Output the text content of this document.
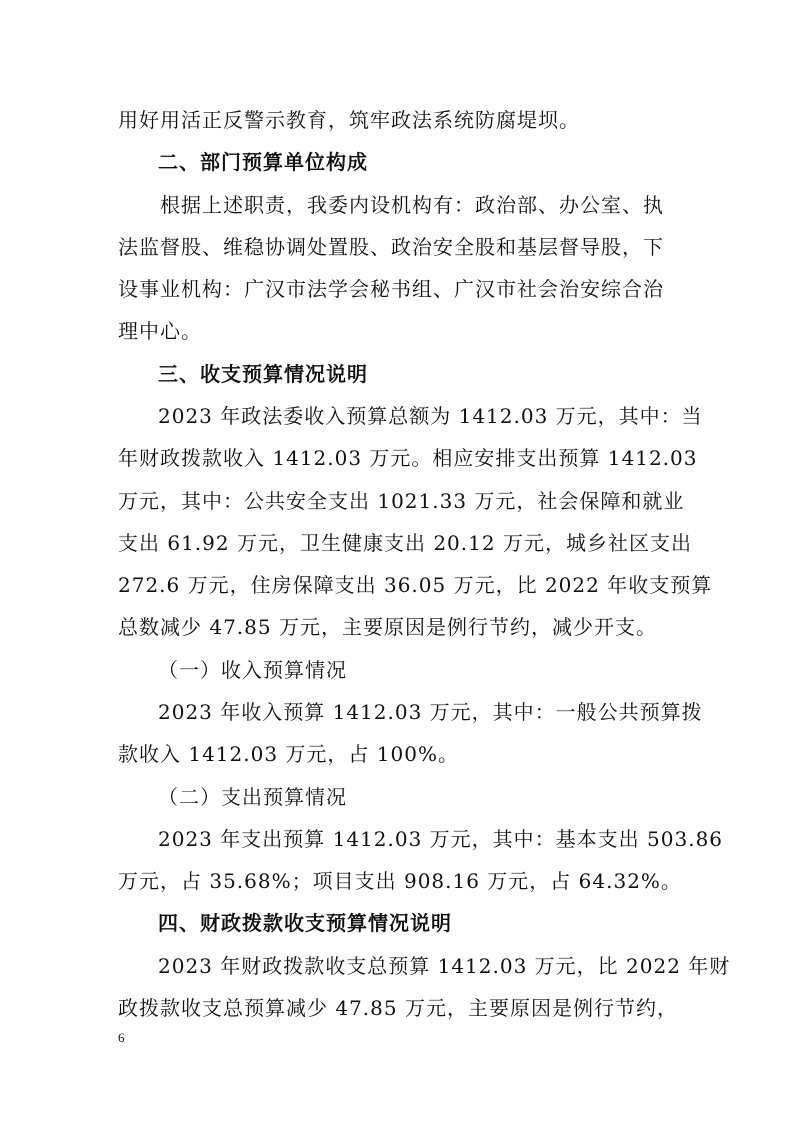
用好用活正反警示教育，筑牢政法系统防腐堤坝。
二、部门预算单位构成
根据上述职责，我委内设机构有：政治部、办公室、执
法监督股、维稳协调处置股、政治安全股和基层督导股，下
设事业机构：广汉市法学会秘书组、广汉市社会治安综合治
理中心。
三、收支预算情况说明
2023 年政法委收入预算总额为 1412.03 万元，其中：当
年财政拨款收入 1412.03 万元。相应安排支出预算 1412.03
万元，其中：公共安全支出 1021.33 万元，社会保障和就业
支出 61.92 万元，卫生健康支出 20.12 万元，城乡社区支出
272.6 万元，住房保障支出 36.05 万元，比 2022 年收支预算
总数减少 47.85 万元，主要原因是例行节约，减少开支。
（一）收入预算情况
2023 年收入预算 1412.03 万元，其中：一般公共预算拨
款收入 1412.03 万元，占 100%。
（二）支出预算情况
2023 年支出预算 1412.03 万元，其中：基本支出 503.86
万元，占 35.68%；项目支出 908.16 万元，占 64.32%。
四、财政拨款收支预算情况说明
2023 年财政拨款收支总预算 1412.03 万元，比 2022 年财
政拨款收支总预算减少 47.85 万元，主要原因是例行节约，
6
